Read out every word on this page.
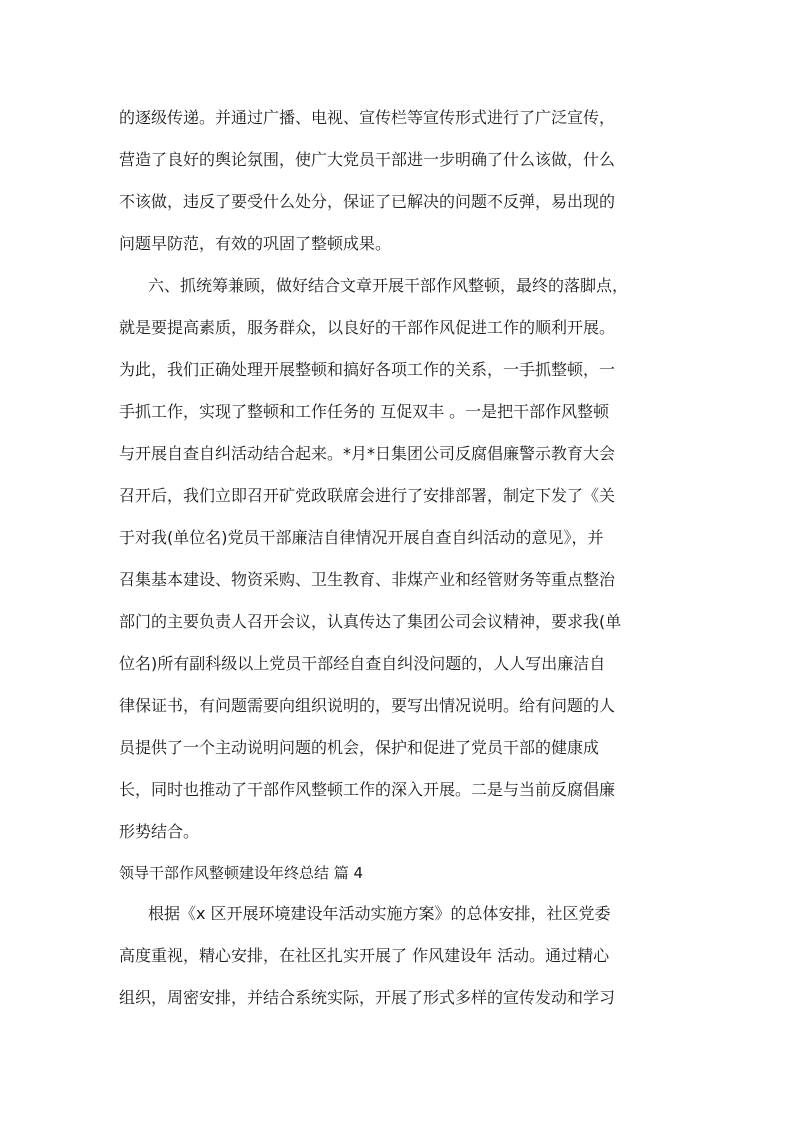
的逐级传递。并通过广播、电视、宣传栏等宣传形式进行了广泛宣传，
营造了良好的舆论氛围，使广大党员干部进一步明确了什么该做，什么
不该做，违反了要受什么处分，保证了已解决的问题不反弹，易出现的
问题早防范，有效的巩固了整顿成果。
六、抓统筹兼顾，做好结合文章开展干部作风整顿，最终的落脚点，
就是要提高素质，服务群众，以良好的干部作风促进工作的顺利开展。
为此，我们正确处理开展整顿和搞好各项工作的关系，一手抓整顿，一
手抓工作，实现了整顿和工作任务的 互促双丰 。一是把干部作风整顿
与开展自查自纠活动结合起来。*月*日集团公司反腐倡廉警示教育大会
召开后，我们立即召开矿党政联席会进行了安排部署，制定下发了《关
于对我(单位名)党员干部廉洁自律情况开展自查自纠活动的意见》，并
召集基本建设、物资采购、卫生教育、非煤产业和经管财务等重点整治
部门的主要负责人召开会议，认真传达了集团公司会议精神，要求我(单
位名)所有副科级以上党员干部经自查自纠没问题的，人人写出廉洁自
律保证书，有问题需要向组织说明的，要写出情况说明。给有问题的人
员提供了一个主动说明问题的机会，保护和促进了党员干部的健康成
长，同时也推动了干部作风整顿工作的深入开展。二是与当前反腐倡廉
形势结合。
领导干部作风整顿建设年终总结 篇 4
根据《x 区开展环境建设年活动实施方案》的总体安排，社区党委
高度重视，精心安排，在社区扎实开展了 作风建设年 活动。通过精心
组织，周密安排，并结合系统实际，开展了形式多样的宣传发动和学习
